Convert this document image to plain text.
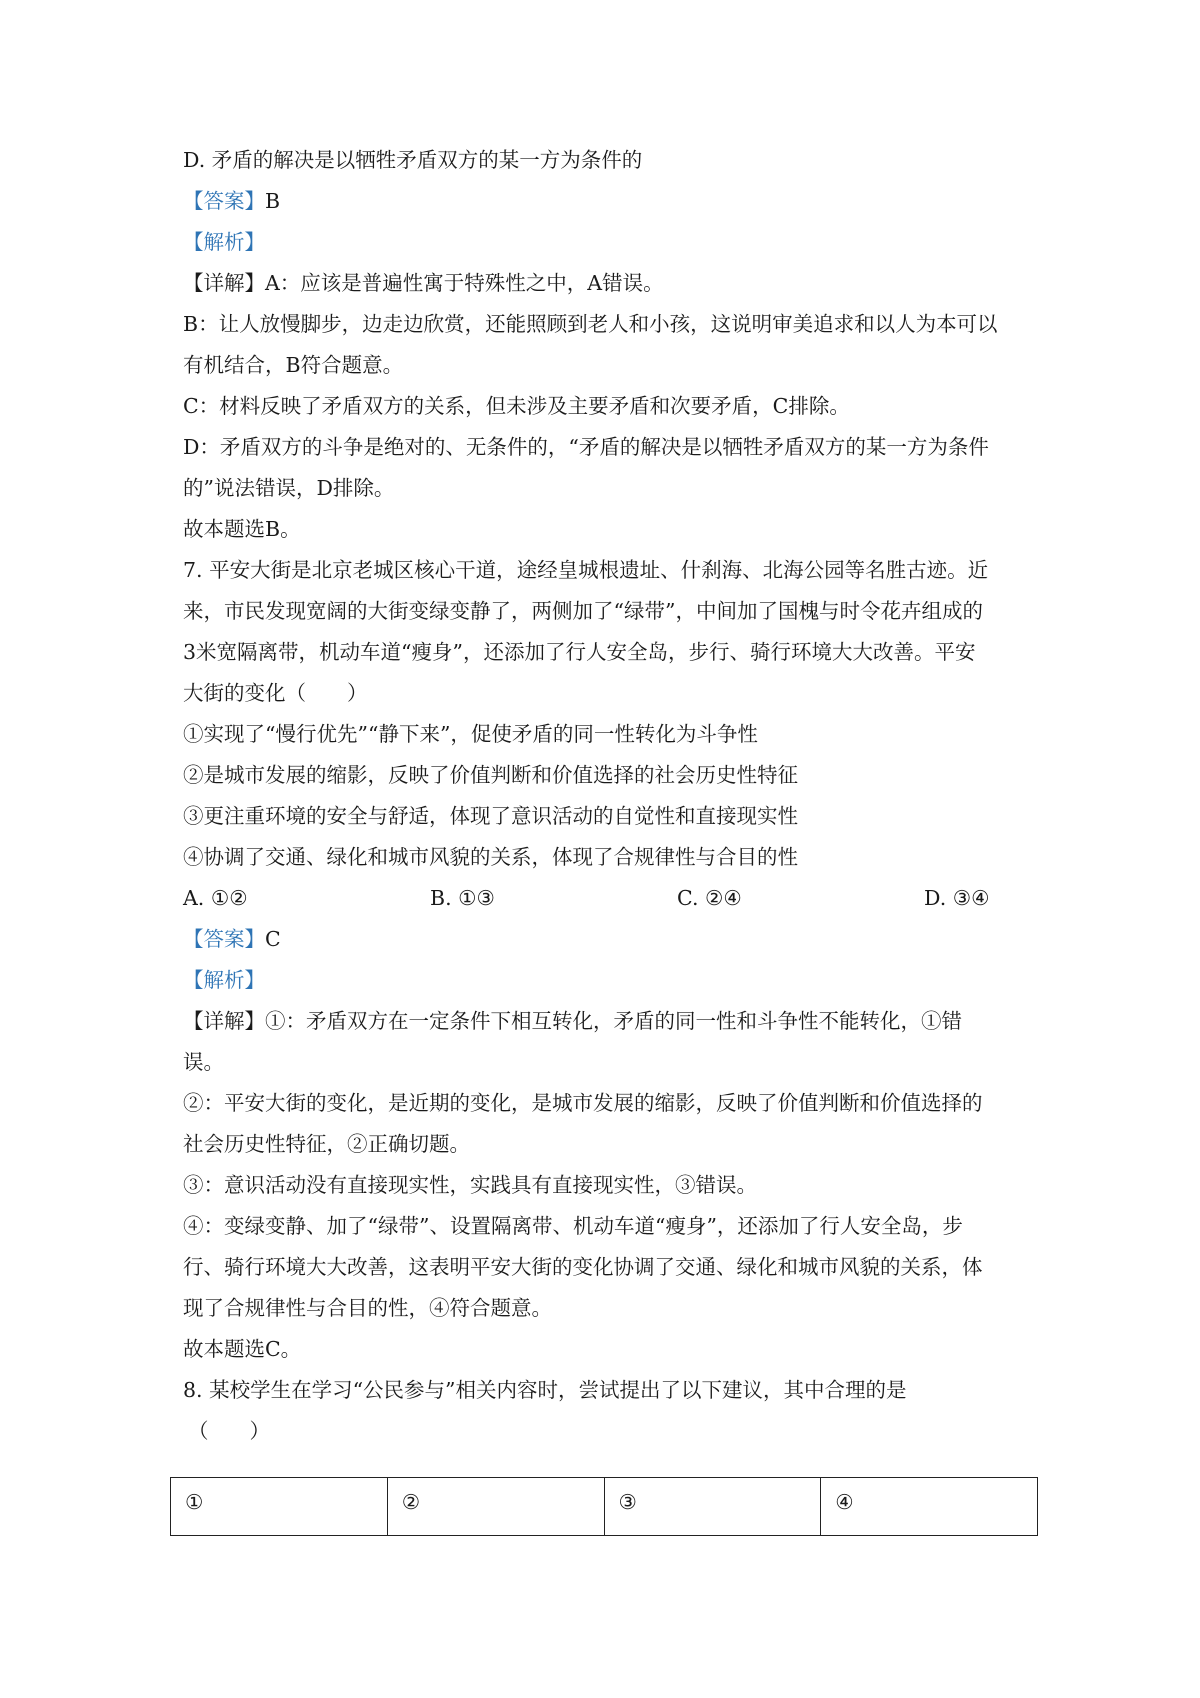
D. 矛盾的解决是以牺牲矛盾双方的某一方为条件的
【答案】B
【解析】
【详解】A：应该是普遍性寓于特殊性之中，A错误。
B：让人放慢脚步，边走边欣赏，还能照顾到老人和小孩，这说明审美追求和以人为本可以
有机结合，B符合题意。
C：材料反映了矛盾双方的关系，但未涉及主要矛盾和次要矛盾，C排除。
D：矛盾双方的斗争是绝对的、无条件的，“矛盾的解决是以牺牲矛盾双方的某一方为条件
的”说法错误，D排除。
故本题选B。
7. 平安大街是北京老城区核心干道，途经皇城根遗址、什刹海、北海公园等名胜古迹。近
来，市民发现宽阔的大街变绿变静了，两侧加了“绿带”，中间加了国槐与时令花卉组成的
3米宽隔离带，机动车道“瘦身”，还添加了行人安全岛，步行、骑行环境大大改善。平安
大街的变化（　　）
①实现了“慢行优先”“静下来”，促使矛盾的同一性转化为斗争性
②是城市发展的缩影，反映了价值判断和价值选择的社会历史性特征
③更注重环境的安全与舒适，体现了意识活动的自觉性和直接现实性
④协调了交通、绿化和城市风貌的关系，体现了合规律性与合目的性
A. ①②	B. ①③	C. ②④	D. ③④
【答案】C
【解析】
【详解】①：矛盾双方在一定条件下相互转化，矛盾的同一性和斗争性不能转化，①错
误。
②：平安大街的变化，是近期的变化，是城市发展的缩影，反映了价值判断和价值选择的
社会历史性特征，②正确切题。
③：意识活动没有直接现实性，实践具有直接现实性，③错误。
④：变绿变静、加了“绿带”、设置隔离带、机动车道“瘦身”，还添加了行人安全岛，步
行、骑行环境大大改善，这表明平安大街的变化协调了交通、绿化和城市风貌的关系，体
现了合规律性与合目的性，④符合题意。
故本题选C。
8. 某校学生在学习“公民参与”相关内容时，尝试提出了以下建议，其中合理的是
（　　）
①	②	③	④
